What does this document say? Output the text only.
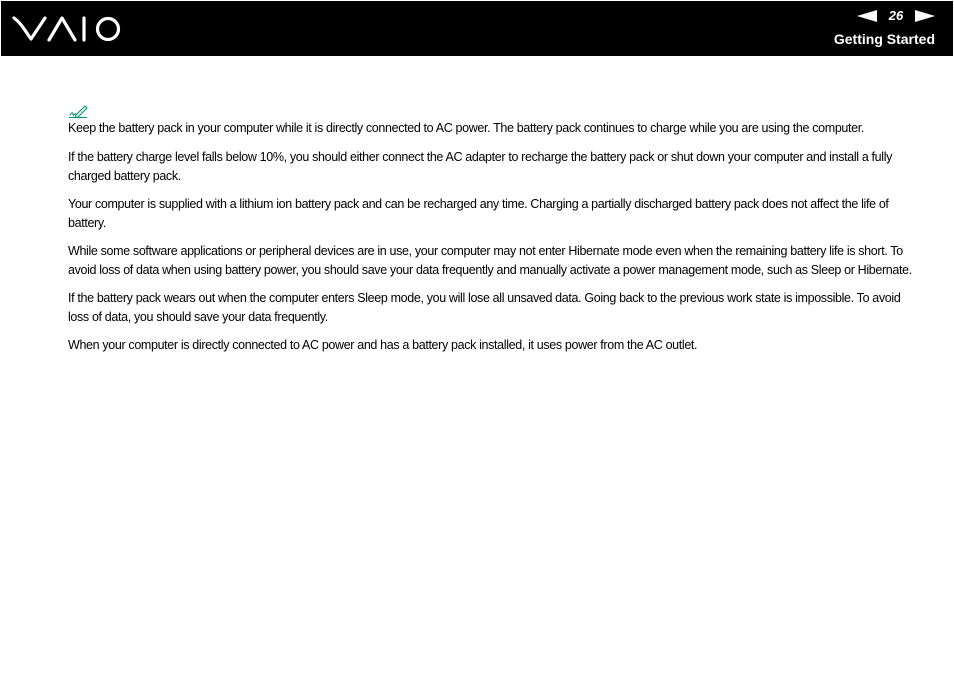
26
Getting Started

Keep the battery pack in your computer while it is directly connected to AC power. The battery pack continues to charge while you are using the computer.

If the battery charge level falls below 10%, you should either connect the AC adapter to recharge the battery pack or shut down your computer and install a fully charged battery pack.

Your computer is supplied with a lithium ion battery pack and can be recharged any time. Charging a partially discharged battery pack does not affect the life of battery.

While some software applications or peripheral devices are in use, your computer may not enter Hibernate mode even when the remaining battery life is short. To avoid loss of data when using battery power, you should save your data frequently and manually activate a power management mode, such as Sleep or Hibernate.

If the battery pack wears out when the computer enters Sleep mode, you will lose all unsaved data. Going back to the previous work state is impossible. To avoid loss of data, you should save your data frequently.

When your computer is directly connected to AC power and has a battery pack installed, it uses power from the AC outlet.
